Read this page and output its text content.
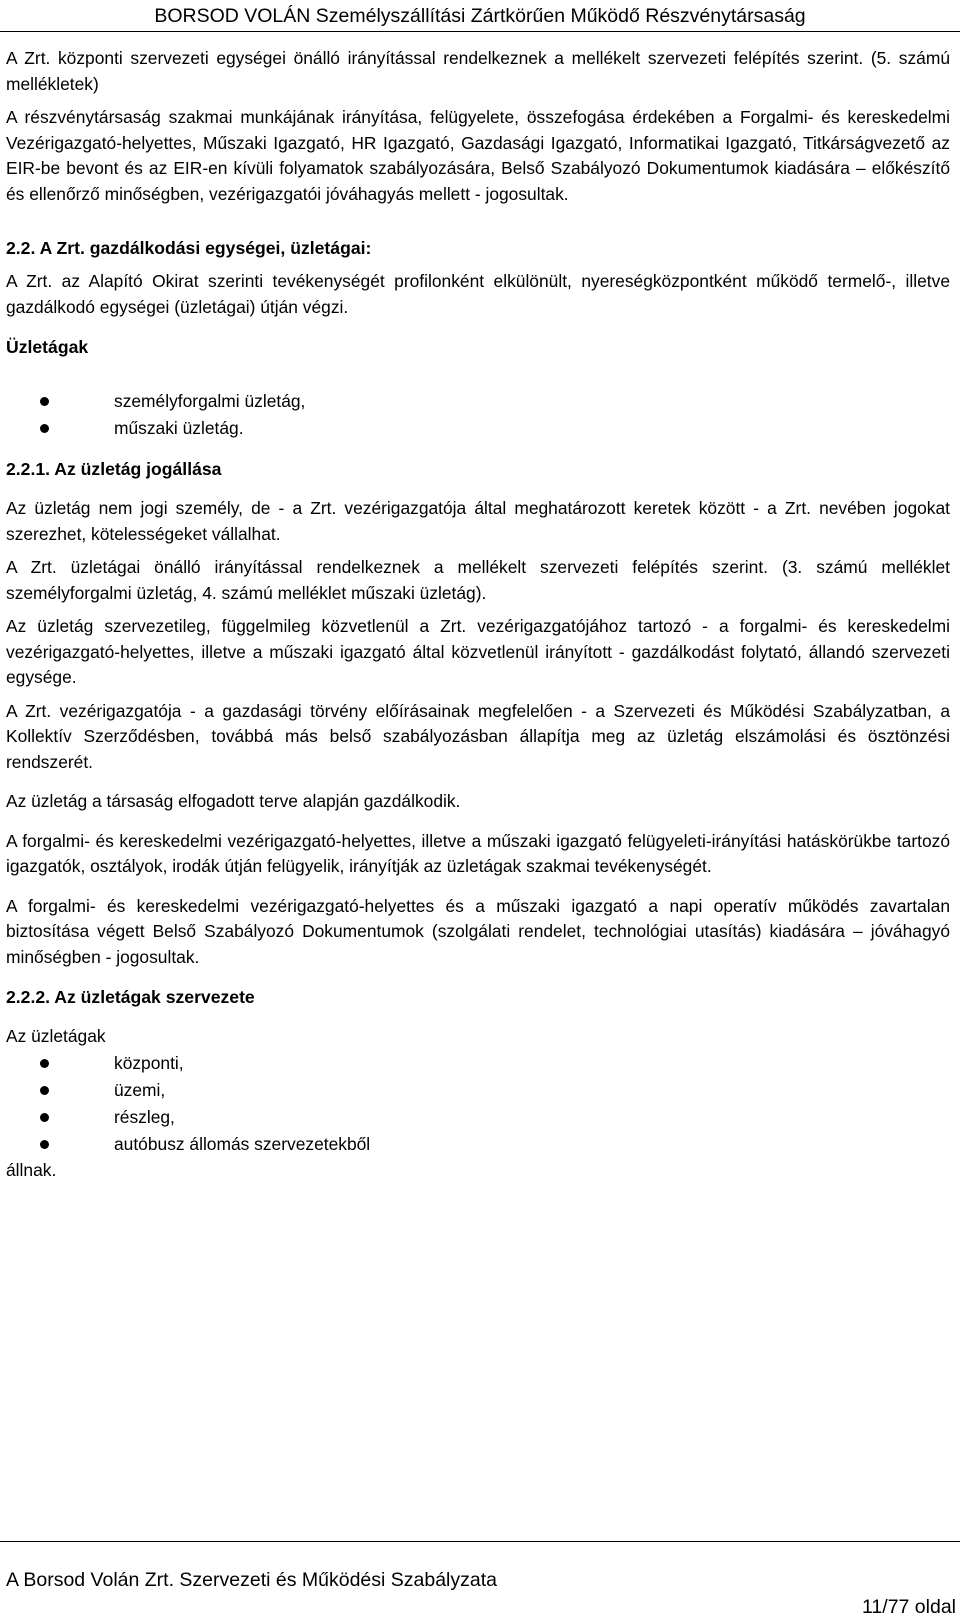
BORSOD VOLÁN Személyszállítási Zártkörűen Működő Részvénytársaság

A Zrt. központi szervezeti egységei önálló irányítással rendelkeznek a mellékelt szervezeti felépítés szerint. (5. számú mellékletek)

A részvénytársaság szakmai munkájának irányítása, felügyelete, összefogása érdekében a Forgalmi- és kereskedelmi Vezérigazgató-helyettes, Műszaki Igazgató, HR Igazgató, Gazdasági Igazgató, Informatikai Igazgató, Titkárságvezető az EIR-be bevont és az EIR-en kívüli folyamatok szabályozására, Belső Szabályozó Dokumentumok kiadására – előkészítő és ellenőrző minőségben, vezérigazgatói jóváhagyás mellett - jogosultak.

2.2. A Zrt. gazdálkodási egységei, üzletágai:

A Zrt. az Alapító Okirat szerinti tevékenységét profilonként elkülönült, nyereségközpontként működő termelő-, illetve gazdálkodó egységei (üzletágai) útján végzi.

Üzletágak
személyforgalmi üzletág,
műszaki üzletág.
2.2.1. Az üzletág jogállása

Az üzletág nem jogi személy, de - a Zrt. vezérigazgatója által meghatározott keretek között - a Zrt. nevében jogokat szerezhet, kötelességeket vállalhat.

A Zrt. üzletágai önálló irányítással rendelkeznek a mellékelt szervezeti felépítés szerint. (3. számú melléklet személyforgalmi üzletág, 4. számú melléklet műszaki üzletág).

Az üzletág szervezetileg, függelmileg közvetlenül a Zrt. vezérigazgatójához tartozó - a forgalmi- és kereskedelmi vezérigazgató-helyettes, illetve a műszaki igazgató által közvetlenül irányított - gazdálkodást folytató, állandó szervezeti egysége.

A Zrt. vezérigazgatója - a gazdasági törvény előírásainak megfelelően - a Szervezeti és Működési Szabályzatban, a Kollektív Szerződésben, továbbá más belső szabályozásban állapítja meg az üzletág elszámolási és ösztönzési rendszerét.

Az üzletág a társaság elfogadott terve alapján gazdálkodik.

A forgalmi- és kereskedelmi vezérigazgató-helyettes, illetve a műszaki igazgató felügyeleti-irányítási hatáskörükbe tartozó igazgatók, osztályok, irodák útján felügyelik, irányítják az üzletágak szakmai tevékenységét.

A forgalmi- és kereskedelmi vezérigazgató-helyettes és a műszaki igazgató a napi operatív működés zavartalan biztosítása végett Belső Szabályozó Dokumentumok (szolgálati rendelet, technológiai utasítás) kiadására – jóváhagyó minőségben - jogosultak.

2.2.2. Az üzletágak szervezete

Az üzletágak

központi,
üzemi,
részleg,
autóbusz állomás szervezetekből

állnak.

A Borsod Volán Zrt. Szervezeti és Működési Szabályzata
11/77 oldal
